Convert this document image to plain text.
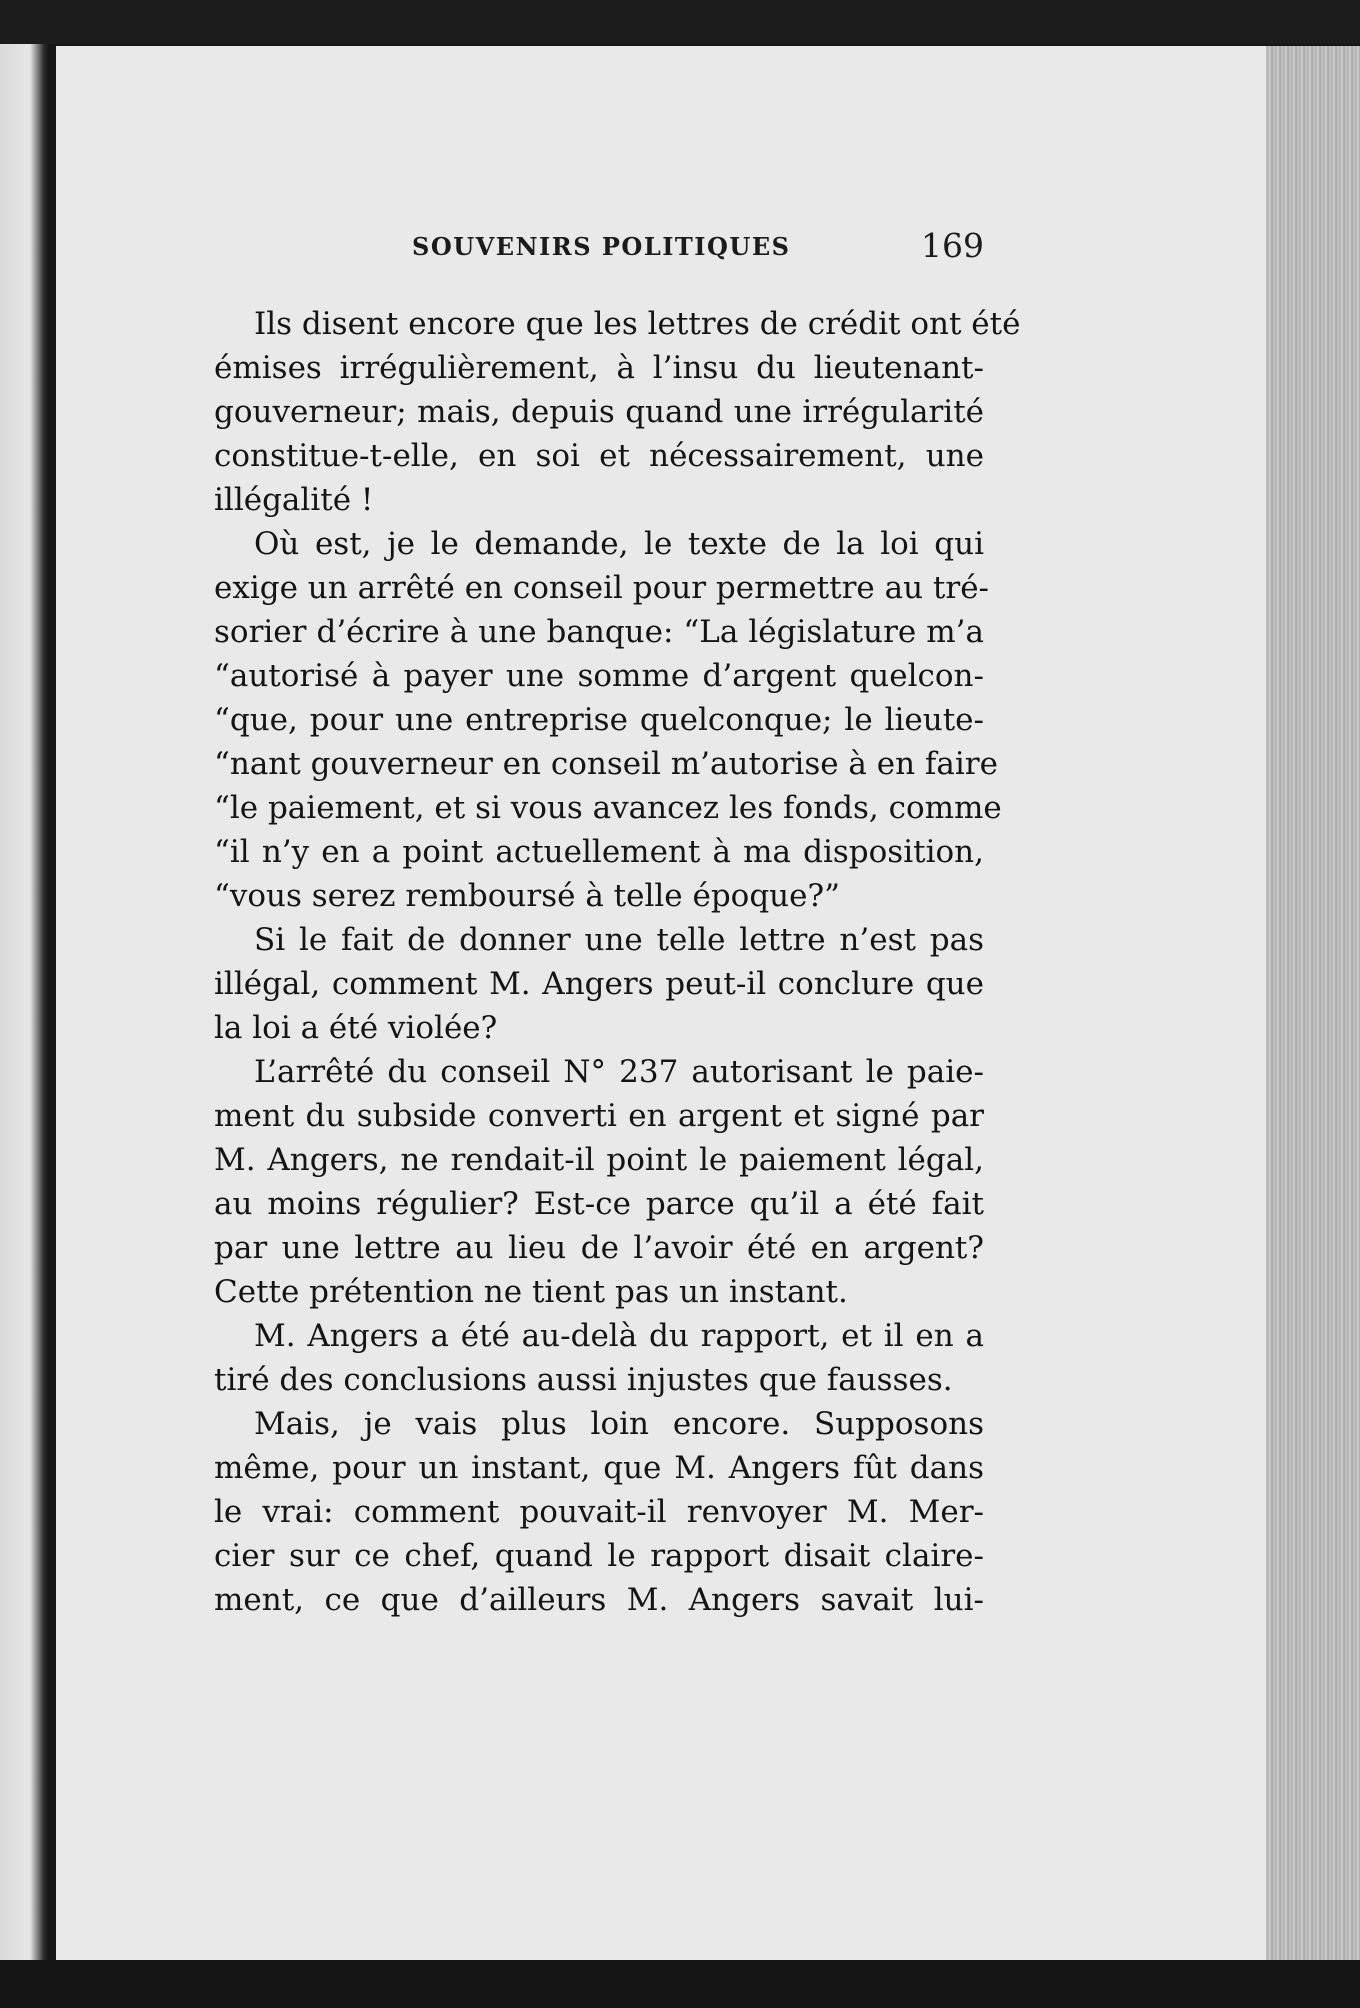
SOUVENIRS POLITIQUES	169
Ils disent encore que les lettres de crédit ont été
émises irrégulièrement, à l’insu du lieutenant-
gouverneur; mais, depuis quand une irrégularité
constitue-t-elle, en soi et nécessairement, une
illégalité !
Où est, je le demande, le texte de la loi qui
exige un arrêté en conseil pour permettre au tré-
sorier d’écrire à une banque: “La législature m’a
“autorisé à payer une somme d’argent quelcon-
“que, pour une entreprise quelconque; le lieute-
“nant gouverneur en conseil m’autorise à en faire
“le paiement, et si vous avancez les fonds, comme
“il n’y en a point actuellement à ma disposition,
“vous serez remboursé à telle époque?”
Si le fait de donner une telle lettre n’est pas
illégal, comment M. Angers peut-il conclure que
la loi a été violée?
L’arrêté du conseil N° 237 autorisant le paie-
ment du subside converti en argent et signé par
M. Angers, ne rendait-il point le paiement légal,
au moins régulier? Est-ce parce qu’il a été fait
par une lettre au lieu de l’avoir été en argent?
Cette prétention ne tient pas un instant.
M. Angers a été au-delà du rapport, et il en a
tiré des conclusions aussi injustes que fausses.
Mais, je vais plus loin encore. Supposons
même, pour un instant, que M. Angers fût dans
le vrai: comment pouvait-il renvoyer M. Mer-
cier sur ce chef, quand le rapport disait claire-
ment, ce que d’ailleurs M. Angers savait lui-
